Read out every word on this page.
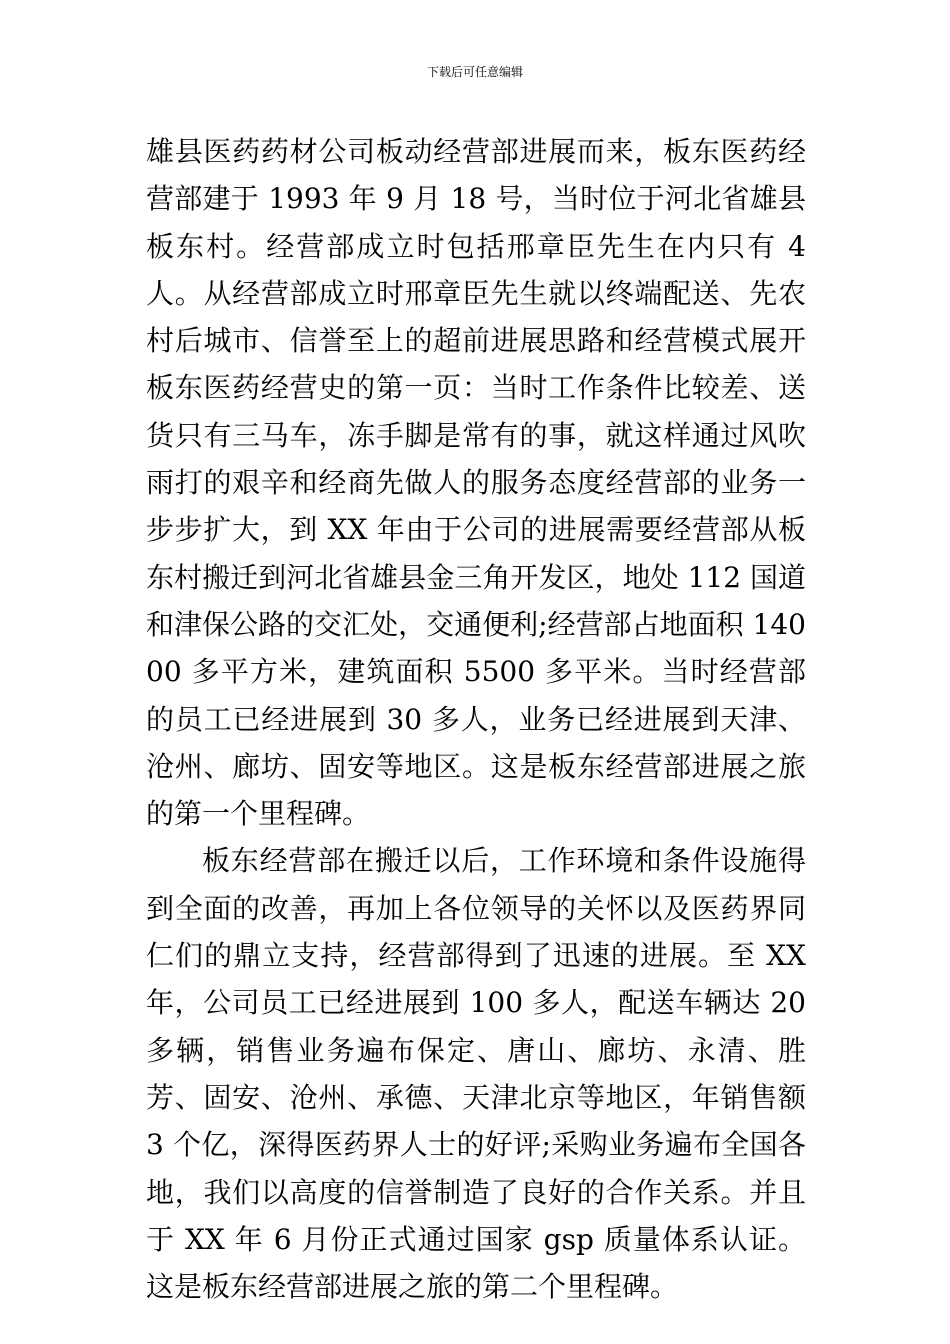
下载后可任意编辑

雄县医药药材公司板动经营部进展而来，板东医药经营部建于 1993 年 9 月 18 号，当时位于河北省雄县板东村。经营部成立时包括邢章臣先生在内只有 4 人。从经营部成立时邢章臣先生就以终端配送、先农村后城市、信誉至上的超前进展思路和经营模式展开板东医药经营史的第一页：当时工作条件比较差、送货只有三马车，冻手脚是常有的事，就这样通过风吹雨打的艰辛和经商先做人的服务态度经营部的业务一步步扩大，到 XX 年由于公司的进展需要经营部从板东村搬迁到河北省雄县金三角开发区，地处 112 国道和津保公路的交汇处，交通便利;经营部占地面积 14000 多平方米，建筑面积 5500 多平米。当时经营部的员工已经进展到 30 多人，业务已经进展到天津、沧州、廊坊、固安等地区。这是板东经营部进展之旅的第一个里程碑。

板东经营部在搬迁以后，工作环境和条件设施得到全面的改善，再加上各位领导的关怀以及医药界同仁们的鼎立支持，经营部得到了迅速的进展。至 XX 年，公司员工已经进展到 100 多人，配送车辆达 20 多辆，销售业务遍布保定、唐山、廊坊、永清、胜芳、固安、沧州、承德、天津北京等地区，年销售额 3 个亿，深得医药界人士的好评;采购业务遍布全国各地，我们以高度的信誉制造了良好的合作关系。并且于 XX 年 6 月份正式通过国家 gsp 质量体系认证。这是板东经营部进展之旅的第二个里程碑。
